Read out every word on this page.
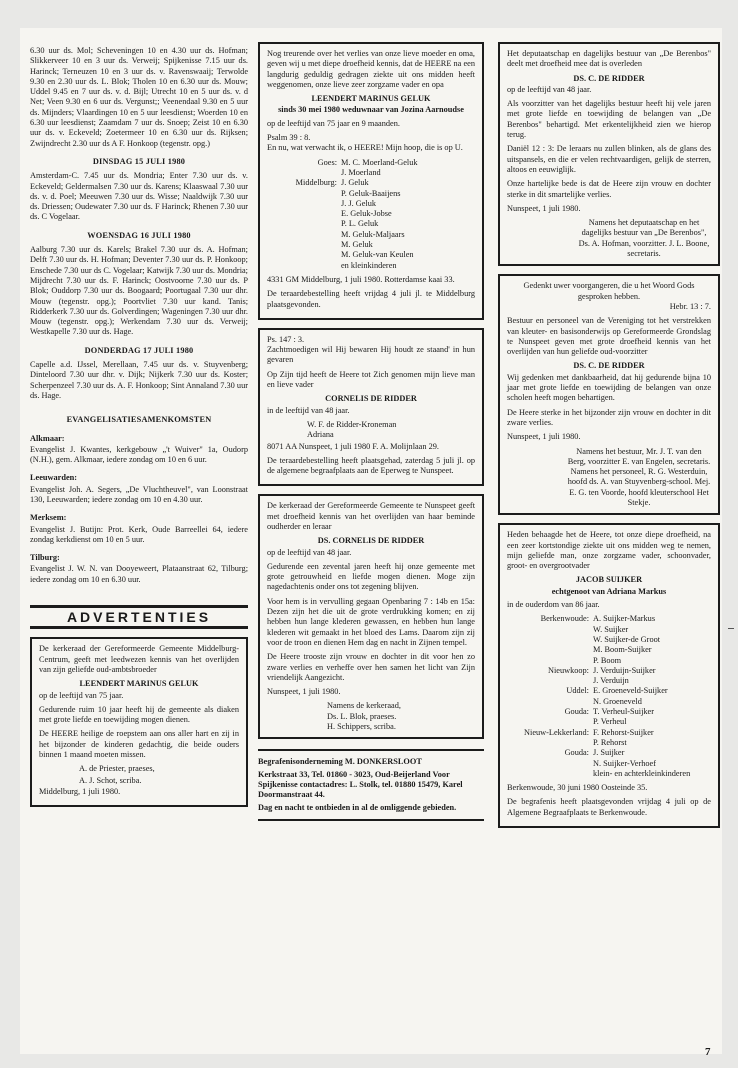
6.30 uur ds. Mol; Scheveningen 10 en 4.30 uur ds. Hofman; Slikkerveer 10 en 3 uur ds. Verweij; Spijkenisse 7.15 uur ds. Harinck; Terneuzen 10 en 3 uur ds. v. Ravenswaaij; Terwolde 9.30 en 2.30 uur ds. L. Blok; Tholen 10 en 6.30 uur ds. Mouw; Uddel 9.45 en 7 uur ds. v. d. Bijl; Utrecht 10 en 5 uur ds. v. d Net; Veen 9.30 en 6 uur ds. Vergunst;; Veenendaal 9.30 en 5 uur ds. Mijnders; Vlaardingen 10 en 5 uur leesdienst; Woerden 10 en 6.30 uur leesdienst; Zaamdam 7 uur ds. Snoep; Zeist 10 en 6.30 uur ds. v. Eckeveld; Zoetermeer 10 en 6.30 uur ds. Rijksen; Zwijndrecht 2.30 uur ds A F. Honkoop (tegenstr. opg.)

DINSDAG 15 JULI 1980

Amsterdam-C. 7.45 uur ds. Mondria; Enter 7.30 uur ds. v. Eckeveld; Geldermalsen 7.30 uur ds. Karens; Klaaswaal 7.30 uur ds. v. d. Poel; Meeuwen 7.30 uur ds. Wisse; Naaldwijk 7.30 uur ds. Driessen; Oudewater 7.30 uur ds. F Harinck; Rhenen 7.30 uur ds. C Vogelaar.

WOENSDAG 16 JULI 1980

Aalburg 7.30 uur ds. Karels; Brakel 7.30 uur ds. A. Hofman; Delft 7.30 uur ds. H. Hofman; Deventer 7.30 uur ds. P. Honkoop; Enschede 7.30 uur ds C. Vogelaar; Katwijk 7.30 uur ds. Mondria; Mijdrecht 7.30 uur ds. F. Harinck; Oostvoorne 7.30 uur ds. P Blok; Ouddorp 7.30 uur ds. Boogaard; Poortugaal 7.30 uur dhr. Mouw (tegenstr. opg.); Poortvliet 7.30 uur kand. Tanis; Ridderkerk 7.30 uur ds. Golverdingen; Wageningen 7.30 uur dhr. Mouw (tegenstr. opg.); Werkendam 7.30 uur ds. Verweij; Westkapelle 7.30 uur ds. Hage.

DONDERDAG 17 JULI 1980

Capelle a.d. IJssel, Merellaan, 7.45 uur ds. v. Stuyvenberg; Dinteloord 7.30 uur dhr. v. Dijk; Nijkerk 7.30 uur ds. Koster; Scherpenzeel 7.30 uur ds. A. F. Honkoop; Sint Annaland 7.30 uur ds. Hage.

EVANGELISATIESAMENKOMSTEN
Alkmaar:

Evangelist J. Kwantes, kerkgebouw „'t Wuiver" 1a, Oudorp (N.H.), gem. Alkmaar, iedere zondag om 10 en 6 uur.

Leeuwarden:

Evangelist Joh. A. Segers, „De Vluchtheuvel", van Loonstraat 130, Leeuwarden; iedere zondag om 10 en 4.30 uur.

Merksem:

Evangelist J. Butijn: Prot. Kerk, Oude Barreellei 64, iedere zondag kerkdienst om 10 en 5 uur.

Tilburg:

Evangelist J. W. N. van Dooyeweert, Plataanstraat 62, Tilburg; iedere zondag om 10 en 6.30 uur.

ADVERTENTIES

De kerkeraad der Gereformeerde Gemeente Middelburg-Centrum, geeft met leedwezen kennis van het overlijden van zijn geliefde oud-ambtsbroeder

LEENDERT MARINUS GELUK

op de leeftijd van 75 jaar.

Gedurende ruim 10 jaar heeft hij de gemeente als diaken met grote liefde en toewijding mogen dienen.

De HEERE heilige de roepstem aan ons aller hart en zij in het bijzonder de kinderen gedachtig, die beide ouders binnen 1 maand moeten missen.

A. de Priester, praeses,

A. J. Schot, scriba.

Middelburg, 1 juli 1980.

Nog treurende over het verlies van onze lieve moeder en oma, geven wij u met diepe droefheid kennis, dat de HEERE na een langdurig geduldig gedragen ziekte uit ons midden heeft weggenomen, onze lieve zeer zorgzame vader en opa

LEENDERT MARINUS GELUK
sinds 30 mei 1980 weduwnaar van Jozina Aarnoudse

op de leeftijd van 75 jaar en 9 maanden.

Psalm 39 : 8.

En nu, wat verwacht ik, o HEERE! Mijn hoop, die is op U.

Goes: M. C. Moerland-Geluk
J. Moerland
Middelburg: J. Geluk
P. Geluk-Baaijens
J. J. Geluk
E. Geluk-Jobse
P. L. Geluk
M. Geluk-Maljaars
M. Geluk
M. Geluk-van Keulen
en kleinkinderen

4331 GM Middelburg, 1 juli 1980. Rotterdamse kaai 33.

De teraardebestelling heeft vrijdag 4 juli jl. te Middelburg plaatsgevonden.

Ps. 147 : 3.

Zachtmoedigen wil Hij bewaren Hij houdt ze staand' in hun gevaren

Op Zijn tijd heeft de Heere tot Zich genomen mijn lieve man en lieve vader

CORNELIS DE RIDDER

in de leeftijd van 48 jaar.

W. F. de Ridder-Kroneman

Adriana

8071 AA Nunspeet, 1 juli 1980 F. A. Molijnlaan 29.

De teraardebestelling heeft plaatsgehad, zaterdag 5 juli jl. op de algemene begraafplaats aan de Eperweg te Nunspeet.

De kerkeraad der Gereformeerde Gemeente te Nunspeet geeft met droefheid kennis van het overlijden van haar beminde oudherder en leraar

DS. CORNELIS DE RIDDER

op de leeftijd van 48 jaar.

Gedurende een zevental jaren heeft hij onze gemeente met grote getrouwheid en liefde mogen dienen. Moge zijn nagedachtenis onder ons tot zegening blijven.

Voor hem is in vervulling gegaan Openbaring 7 : 14b en 15a: Dezen zijn het die uit de grote verdrukking komen; en zij hebben hun lange klederen gewassen, en hebben hun lange klederen wit gemaakt in het bloed des Lams. Daarom zijn zij voor de troon en dienen Hem dag en nacht in Zijnen tempel.

De Heere trooste zijn vrouw en dochter in dit voor hen zo zware verlies en verheffe over hen samen het licht van Zijn vriendelijk Aangezicht.

Nunspeet, 1 juli 1980.

Namens de kerkeraad,

Ds. L. Blok, praeses.

H. Schippers, scriba.

Begrafenisonderneming M. DONKERSLOOT

Kerkstraat 33, Tel. 01860 - 3023, Oud-Beijerland Voor Spijkenisse contactadres: L. Stolk, tel. 01880 15479, Karel Doormanstraat 44.

Dag en nacht te ontbieden in al de omliggende gebieden.

Het deputaatschap en dagelijks bestuur van „De Berenbos" deelt met droefheid mee dat is overleden

DS. C. DE RIDDER

op de leeftijd van 48 jaar.

Als voorzitter van het dagelijks bestuur heeft hij vele jaren met grote liefde en toewijding de belangen van „De Berenbos" behartigd. Met erkentelijkheid zien we hierop terug.

Daniël 12 : 3: De leraars nu zullen blinken, als de glans des uitspansels, en die er velen rechtvaardigen, gelijk de sterren, altoos en eeuwiglijk.

Onze hartelijke bede is dat de Heere zijn vrouw en dochter sterke in dit smartelijke verlies.

Nunspeet, 1 juli 1980.

Namens het deputaatschap en het dagelijks bestuur van „De Berenbos", Ds. A. Hofman, voorzitter. J. L. Boone, secretaris.

Gedenkt uwer voorgangeren, die u het Woord Gods gesproken hebben.

Hebr. 13 : 7.

Bestuur en personeel van de Vereniging tot het verstrekken van kleuter- en basisonderwijs op Gereformeerde Grondslag te Nunspeet geven met grote droefheid kennis van het overlijden van hun geliefde oud-voorzitter

DS. C. DE RIDDER

Wij gedenken met dankbaarheid, dat hij gedurende bijna 10 jaar met grote liefde en toewijding de belangen van onze scholen heeft mogen behartigen.

De Heere sterke in het bijzonder zijn vrouw en dochter in dit zware verlies.

Nunspeet, 1 juli 1980.

Namens het bestuur, Mr. J. T. van den Berg, voorzitter E. van Engelen, secretaris. Namens het personeel, R. G. Westerduin, hoofd ds. A. van Stuyvenberg-school. Mej. E. G. ten Voorde, hoofd kleuterschool Het Stekje.

Heden behaagde het de Heere, tot onze diepe droefheid, na een zeer kortstondige ziekte uit ons midden weg te nemen, mijn geliefde man, onze zorgzame vader, schoonvader, groot- en overgrootvader

JACOB SUIJKER
echtgenoot van Adriana Markus

in de ouderdom van 86 jaar.

Berkenwoude: A. Suijker-Markus
W. Suijker
W. Suijker-de Groot
M. Boom-Suijker
P. Boom
Nieuwkoop: J. Verduijn-Suijker
J. Verduijn
Uddel: E. Groeneveld-Suijker
N. Groeneveld
Gouda: T. Verheul-Suijker
P. Verheul
Nieuw-Lekkerland: F. Rehorst-Suijker
P. Rehorst
Gouda: J. Suijker
N. Suijker-Verhoef
klein- en achterkleinkinderen

Berkenwoude, 30 juni 1980 Oosteinde 35.

De begrafenis heeft plaatsgevonden vrijdag 4 juli op de Algemene Begraafplaats te Berkenwoude.

7
